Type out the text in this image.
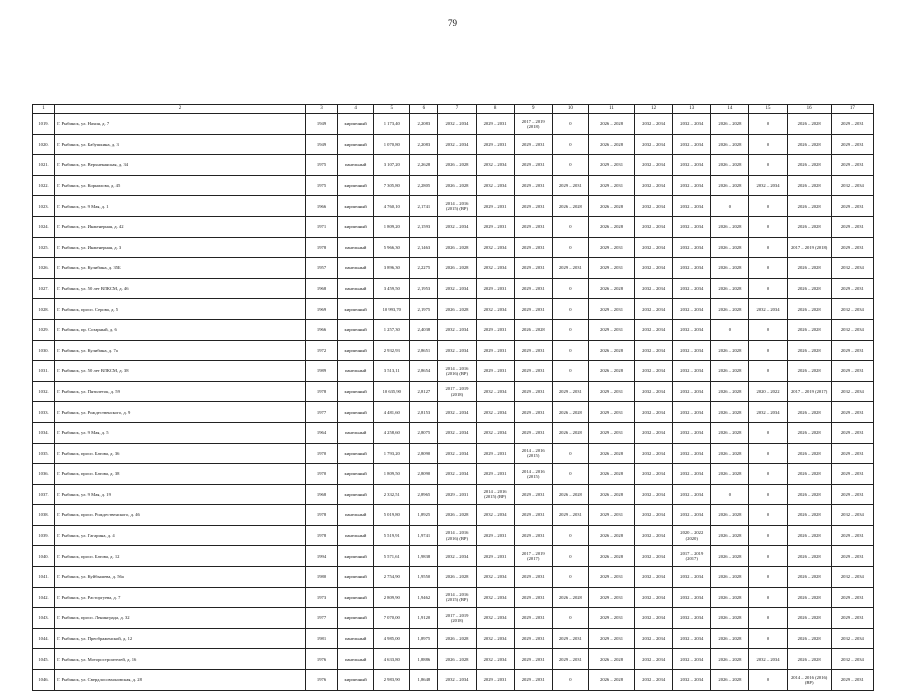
79
1	2	3	4	5	6	7	8	9	10	11	12	13	14	15	16	17
1019.	Г. Рыбинск, ул. Нахия, д. 7	1949	кирпичный	1 173,40	2,2083	2032 – 2034	2029 – 2031	2017 – 2019 (2018)	0	2026 – 2028	2032 – 2034	2032 – 2034	2026 – 2028	0	2026 – 2028	2029 – 2031
1020.	Г. Рыбинск, ул. Бабушкина, д. 3	1949	кирпичный	1 070,80	2,2083	2032 – 2034	2029 – 2031	2029 – 2031	0	2026 – 2028	2032 – 2034	2032 – 2034	2026 – 2028	0	2026 – 2028	2029 – 2031
1021.	Г. Рыбинск, ул. Верхнекаяская, д. 34	1975	панельный	3 107,20	2,2628	2026 – 2028	2032 – 2034	2029 – 2031	0	2029 – 2031	2032 – 2034	2032 – 2034	2026 – 2028	0	2026 – 2028	2029 – 2031
1022.	Г. Рыбинск, ул. Корнилова, д. 45	1975	кирпичный	7 305,80	2,2805	2026 – 2028	2032 – 2034	2029 – 2031	2029 – 2031	2029 – 2031	2032 – 2034	2032 – 2034	2026 – 2028	2032 – 2034	2026 – 2028	2032 – 2034
1023.	Г. Рыбинск, ул. 9 Мая, д. 1	1966	кирпичный	4 760,10	2,1741	2014 – 2016 (2015) (ВР)	2029 – 2031	2029 – 2031	2026 – 2028	2026 – 2028	2032 – 2034	2032 – 2034	0	0	2026 – 2028	2029 – 2031
1024.	Г. Рыбинск, ул. Инженерная, д. 42	1971	кирпичный	1 809,20	2,1593	2032 – 2034	2029 – 2031	2029 – 2031	0	2026 – 2028	2032 – 2034	2032 – 2034	2026 – 2028	0	2026 – 2028	2029 – 2031
1025.	Г. Рыбинск, ул. Инженерная, д. 3	1978	панельный	5 966,30	2,1463	2026 – 2028	2032 – 2034	2029 – 2031	0	2029 – 2031	2032 – 2034	2032 – 2034	2026 – 2028	0	2017 – 2019 (2018)	2029 – 2031
1026.	Г. Рыбинск, ул. Кулибина, д. 35Б	1957	панельный	3 896,30	2,2275	2026 – 2028	2032 – 2034	2029 – 2031	2029 – 2031	2029 – 2031	2032 – 2034	2032 – 2034	2026 – 2028	0	2026 – 2028	2032 – 2034
1027.	Г. Рыбинск, ул. 50 лет ВЛКСМ, д. 46	1968	панельный	3 459,50	2,1953	2032 – 2034	2029 – 2031	2029 – 2031	0	2026 – 2028	2032 – 2034	2032 – 2034	2026 – 2028	0	2026 – 2028	2029 – 2031
1028.	Г. Рыбинск, просп. Серова, д. 5	1969	кирпичный	10 993,70	2,1975	2026 – 2028	2032 – 2034	2029 – 2031	0	2029 – 2031	2032 – 2034	2032 – 2034	2026 – 2028	2032 – 2034	2026 – 2028	2032 – 2034
1029.	Г. Рыбинск, пр. Созарный, д. 6	1966	кирпичный	1 257,30	2,4038	2032 – 2034	2029 – 2031	2026 – 2028	0	2029 – 2031	2032 – 2034	2032 – 2034	0	0	2026 – 2028	2032 – 2034
1030.	Г. Рыбинск, ул. Кулибина, д. 7а	1972	кирпичный	2 932,93	2,8651	2032 – 2034	2029 – 2031	2029 – 2031	0	2026 – 2028	2032 – 2034	2032 – 2034	2026 – 2028	0	2026 – 2028	2029 – 2031
1031.	Г. Рыбинск, ул. 50 лет ВЛКСМ, д. 38	1989	панельный	3 513,11	2,8654	2014 – 2016 (2016) (ВР)	2029 – 2031	2029 – 2031	0	2026 – 2028	2032 – 2034	2032 – 2034	2026 – 2028	0	2026 – 2028	2029 – 2031
1032.	Г. Рыбинск, ул. Пятилеток, д. 59	1978	кирпичный	10 635,90	2,8127	2017 – 2019 (2018)	2032 – 2034	2029 – 2031	2029 – 2031	2029 – 2031	2032 – 2034	2032 – 2034	2026 – 2028	2020 – 2022	2017 – 2019 (2017)	2032 – 2034
1033.	Г. Рыбинск, ул. Рождественского, д. 9	1977	кирпичный	4 481,60	2,8153	2032 – 2034	2032 – 2034	2029 – 2031	2026 – 2028	2029 – 2031	2032 – 2034	2032 – 2034	2026 – 2028	2032 – 2034	2026 – 2028	2029 – 2031
1034.	Г. Рыбинск, ул. 9 Мая, д. 5	1964	панельный	4 258,60	2,8075	2032 – 2034	2032 – 2034	2029 – 2031	2026 – 2028	2029 – 2031	2032 – 2034	2032 – 2034	2026 – 2028	0	2026 – 2028	2029 – 2031
1035.	Г. Рыбинск, просп. Батова, д. 36	1970	кирпичный	1 793,20	2,8090	2032 – 2034	2029 – 2031	2014 – 2016 (2015)	0	2026 – 2028	2032 – 2034	2032 – 2034	2026 – 2028	0	2026 – 2028	2029 – 2031
1036.	Г. Рыбинск, просп. Батова, д. 38	1970	кирпичный	1 809,50	2,8090	2032 – 2034	2029 – 2031	2014 – 2016 (2015)	0	2026 – 2028	2032 – 2034	2032 – 2034	2026 – 2028	0	2026 – 2028	2029 – 2031
1037.	Г. Рыбинск, ул. 9 Мая, д. 19	1968	кирпичный	2 332,51	2,8965	2029 – 2031	2014 – 2016 (2015) (ВР)	2029 – 2031	2026 – 2028	2026 – 2028	2032 – 2034	2032 – 2034	0	0	2026 – 2028	2029 – 2031
1038.	Г. Рыбинск, просп. Рождественского, д. 46	1978	панельный	5 019,80	1,8925	2026 – 2028	2032 – 2034	2029 – 2031	2029 – 2031	2029 – 2031	2032 – 2034	2032 – 2034	2026 – 2028	0	2026 – 2028	2032 – 2034
1039.	Г. Рыбинск, ул. Гагарина, д. 4	1978	панельный	5 519,91	1,9741	2014 – 2016 (2016) (ВР)	2029 – 2031	2029 – 2031	0	2026 – 2028	2032 – 2034	2020 – 2022 (2020)	2026 – 2028	0	2026 – 2028	2029 – 2031
1040.	Г. Рыбинск, просп. Батова, д. 12	1994	кирпичный	5 571,61	1,9838	2032 – 2034	2029 – 2031	2017 – 2019 (2017)	0	2026 – 2028	2032 – 2034	2017 – 2019 (2017)	2026 – 2028	0	2026 – 2028	2029 – 2031
1041.	Г. Рыбинск, ул. Куйбышева, д. 56а	1980	кирпичный	2 754,90	1,9550	2026 – 2028	2032 – 2034	2029 – 2031	0	2029 – 2031	2032 – 2034	2032 – 2034	2026 – 2028	0	2026 – 2028	2032 – 2034
1042.	Г. Рыбинск, ул. Расторгуева, д. 7	1973	кирпичный	2 809,90	1,9462	2014 – 2016 (2015) (ВР)	2032 – 2034	2029 – 2031	2026 – 2028	2029 – 2031	2032 – 2034	2032 – 2034	2026 – 2028	0	2026 – 2028	2029 – 2031
1043.	Г. Рыбинск, просп. Ленинграда, д. 32	1977	кирпичный	7 070,00	1,9120	2017 – 2019 (2018)	2032 – 2034	2029 – 2031	0	2029 – 2031	2032 – 2034	2032 – 2034	2026 – 2028	0	2026 – 2028	2029 – 2031
1044.	Г. Рыбинск, ул. Преображенской, д. 12	1981	панельный	4 985,00	1,8975	2026 – 2028	2032 – 2034	2029 – 2031	2029 – 2031	2029 – 2031	2032 – 2034	2032 – 2034	2026 – 2028	0	2026 – 2028	2032 – 2034
1045.	Г. Рыбинск, ул. Моторостроителей, д. 16	1976	панельный	4 633,80	1,8886	2026 – 2028	2032 – 2034	2029 – 2031	2029 – 2031	2026 – 2028	2032 – 2034	2032 – 2034	2026 – 2028	2032 – 2034	2026 – 2028	2032 – 2034
1046.	Г. Рыбинск, ул. Свердлосовхоновская, д. 28	1976	кирпичный	2 983,90	1,8648	2032 – 2034	2029 – 2031	2029 – 2031	0	2026 – 2028	2032 – 2034	2032 – 2034	2026 – 2028	0	2014 – 2016 (2016) (ВР)	2029 – 2031
